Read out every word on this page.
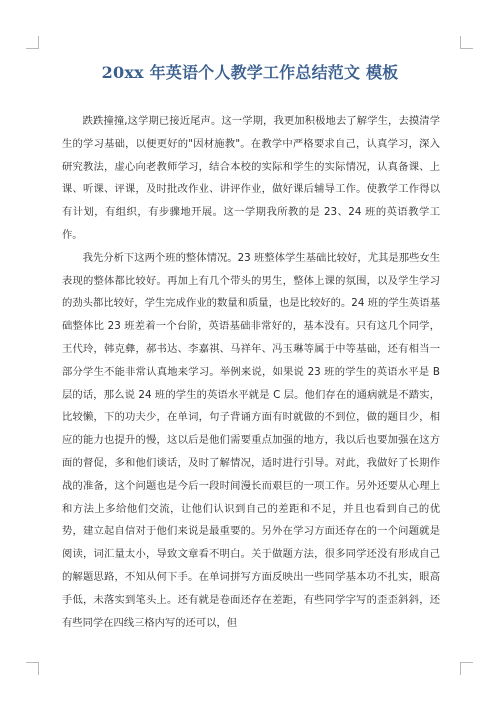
20xx 年英语个人教学工作总结范文 模板

跌跌撞撞,这学期已接近尾声。这一学期，我更加积极地去了解学生，去摸清学生的学习基础，以便更好的"因材施教"。在教学中严格要求自己，认真学习，深入研究教法，虚心向老教师学习，结合本校的实际和学生的实际情况，认真备课、上课、听课、评课，及时批改作业、讲评作业，做好课后辅导工作。使教学工作得以有计划，有组织，有步骤地开展。这一学期我所教的是 23、24 班的英语教学工作。

我先分析下这两个班的整体情况。23 班整体学生基础比较好，尤其是那些女生表现的整体都比较好。再加上有几个带头的男生，整体上课的氛围，以及学生学习的劲头都比较好，学生完成作业的数量和质量，也是比较好的。24 班的学生英语基础整体比 23 班差着一个台阶，英语基础非常好的，基本没有。只有这几个同学，王代玲，韩克彝，郝书达、李嘉祺、马祥年、冯玉琳等属于中等基础，还有相当一部分学生不能非常认真地来学习。举例来说，如果说 23 班的学生的英语水平是 B 层的话，那么说 24 班的学生的英语水平就是 C 层。他们存在的通病就是不踏实，比较懒，下的功夫少，在单词，句子背诵方面有时就做的不到位，做的题目少，相应的能力也提升的慢，这以后是他们需要重点加强的地方，我以后也要加强在这方面的督促，多和他们谈话，及时了解情况，适时进行引导。对此，我做好了长期作战的准备，这个问题也是今后一段时间漫长而艰巨的一项工作。另外还要从心理上和方法上多给他们交流，让他们认识到自己的差距和不足，并且也看到自己的优势，建立起自信对于他们来说是最重要的。另外在学习方面还存在的一个问题就是阅读，词汇量太小，导致文章看不明白。关于做题方法，很多同学还没有形成自己的解题思路，不知从何下手。在单词拼写方面反映出一些同学基本功不扎实，眼高手低，未落实到笔头上。还有就是卷面还存在差距，有些同学字写的歪歪斜斜，还有些同学在四线三格内写的还可以，但
